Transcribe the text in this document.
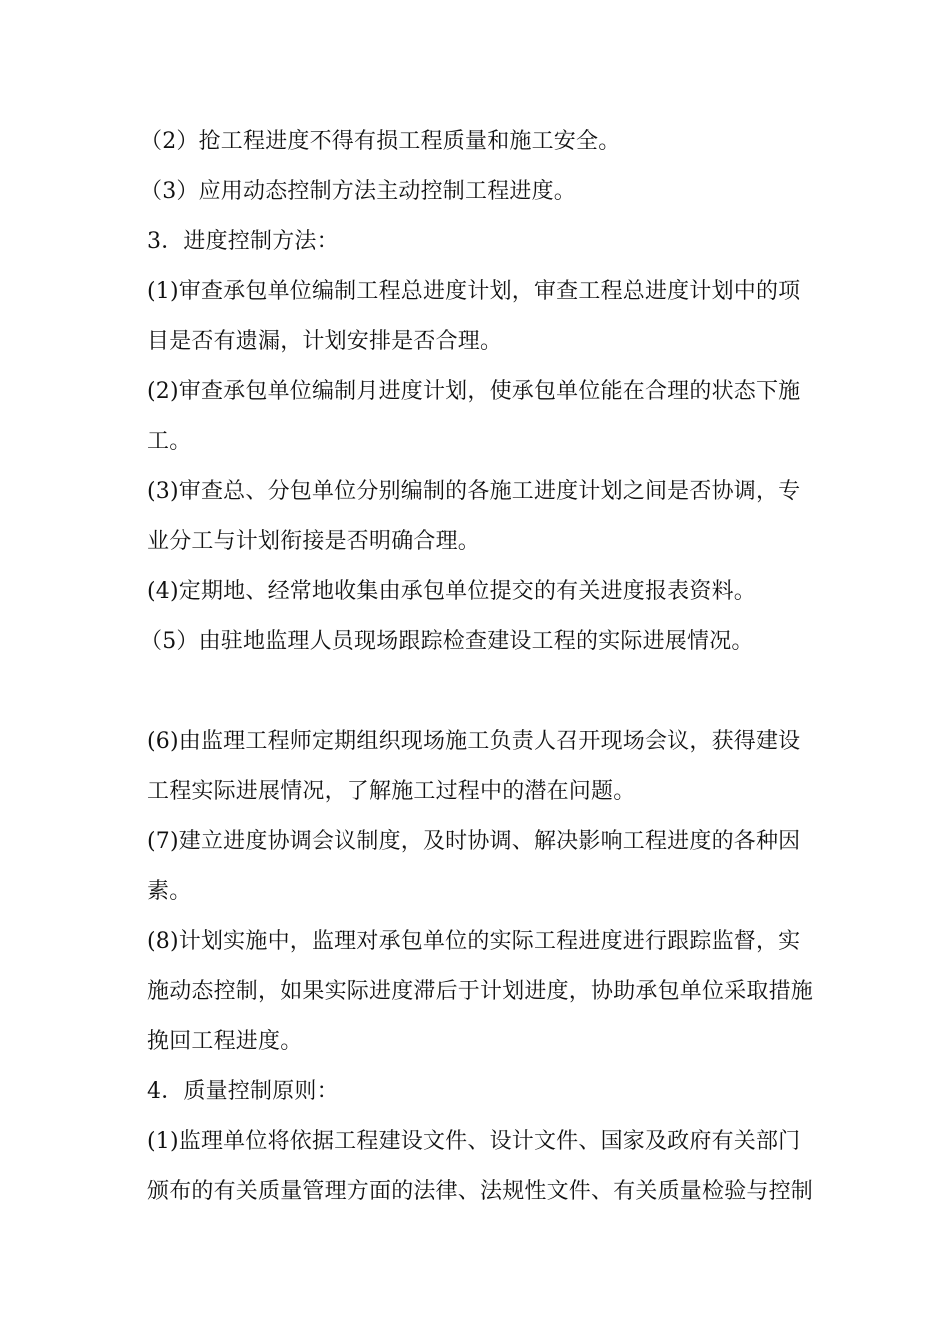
（2）抢工程进度不得有损工程质量和施工安全。
（3）应用动态控制方法主动控制工程进度。
3．进度控制方法：
(1)审查承包单位编制工程总进度计划，审查工程总进度计划中的项
目是否有遗漏，计划安排是否合理。
(2)审查承包单位编制月进度计划，使承包单位能在合理的状态下施
工。
(3)审查总、分包单位分别编制的各施工进度计划之间是否协调，专
业分工与计划衔接是否明确合理。
(4)定期地、经常地收集由承包单位提交的有关进度报表资料。
（5）由驻地监理人员现场跟踪检查建设工程的实际进展情况。
(6)由监理工程师定期组织现场施工负责人召开现场会议，获得建设
工程实际进展情况，了解施工过程中的潜在问题。
(7)建立进度协调会议制度，及时协调、解决影响工程进度的各种因
素。
(8)计划实施中，监理对承包单位的实际工程进度进行跟踪监督，实
施动态控制，如果实际进度滞后于计划进度，协助承包单位采取措施
挽回工程进度。
4．质量控制原则：
(1)监理单位将依据工程建设文件、设计文件、国家及政府有关部门
颁布的有关质量管理方面的法律、法规性文件、有关质量检验与控制
